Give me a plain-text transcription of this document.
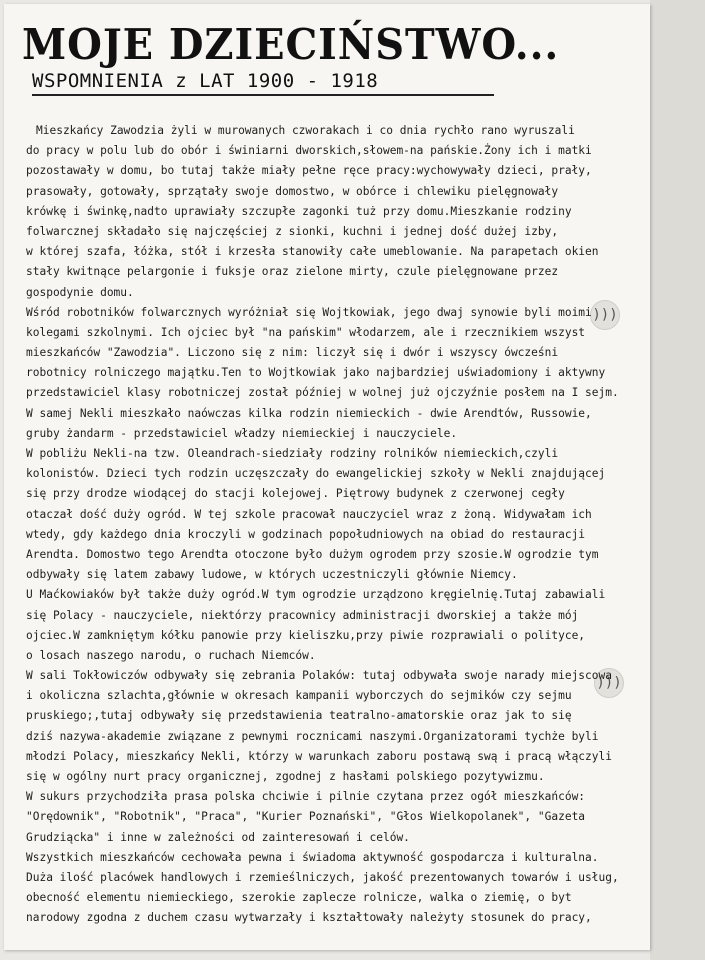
MOJE DZIECIŃSTWO...
WSPOMNIENIA z LAT 1900 - 1918
)))
)))
Mieszkańcy Zawodzia żyli w murowanych czworakach i co dnia rychło rano wyruszali
do pracy w polu lub do obór i świniarni dworskich,słowem-na pańskie.Żony ich i matki
pozostawały w domu, bo tutaj także miały pełne ręce pracy:wychowywały dzieci, prały,
prasowały, gotowały, sprzątały swoje domostwo, w obórce i chlewiku pielęgnowały
krówkę i świnkę,nadto uprawiały szczupłe zagonki tuż przy domu.Mieszkanie rodziny
folwarcznej składało się najczęściej z sionki, kuchni i jednej dość dużej izby,
w której szafa, łóżka, stół i krzesła stanowiły całe umeblowanie. Na parapetach okien
stały kwitnące pelargonie i fuksje oraz zielone mirty, czule pielęgnowane przez
gospodynie domu.
Wśród robotników folwarcznych wyróżniał się Wojtkowiak, jego dwaj synowie byli moimi
kolegami szkolnymi. Ich ojciec był "na pańskim" włodarzem, ale i rzecznikiem wszyst
mieszkańców "Zawodzia". Liczono się z nim: liczył się i dwór i wszyscy ówcześni
robotnicy rolniczego majątku.Ten to Wojtkowiak jako najbardziej uświadomiony i aktywny
przedstawiciel klasy robotniczej został później w wolnej już ojczyźnie posłem na I sejm.
W samej Nekli mieszkało naówczas kilka rodzin niemieckich - dwie Arendtów, Russowie,
gruby żandarm - przedstawiciel władzy niemieckiej i nauczyciele.
W pobliżu Nekli-na tzw. Oleandrach-siedziały rodziny rolników niemieckich,czyli
kolonistów. Dzieci tych rodzin uczęszczały do ewangelickiej szkoły w Nekli znajdującej
się przy drodze wiodącej do stacji kolejowej. Piętrowy budynek z czerwonej cegły
otaczał dość duży ogród. W tej szkole pracował nauczyciel wraz z żoną. Widywałam ich
wtedy, gdy każdego dnia kroczyli w godzinach popołudniowych na obiad do restauracji
Arendta. Domostwo tego Arendta otoczone było dużym ogrodem przy szosie.W ogrodzie tym
odbywały się latem zabawy ludowe, w których uczestniczyli głównie Niemcy.
U Maćkowiaków był także duży ogród.W tym ogrodzie urządzono kręgielnię.Tutaj zabawiali
się Polacy - nauczyciele, niektórzy pracownicy administracji dworskiej a także mój
ojciec.W zamkniętym kółku panowie przy kieliszku,przy piwie rozprawiali o polityce,
o losach naszego narodu, o ruchach Niemców.
W sali Tokłowiczów odbywały się zebrania Polaków: tutaj odbywała swoje narady miejscowa
i okoliczna szlachta,głównie w okresach kampanii wyborczych do sejmików czy sejmu
pruskiego;,tutaj odbywały się przedstawienia teatralno-amatorskie oraz jak to się
dziś nazywa-akademie związane z pewnymi rocznicami naszymi.Organizatorami tychże byli
młodzi Polacy, mieszkańcy Nekli, którzy w warunkach zaboru postawą swą i pracą włączyli
się w ogólny nurt pracy organicznej, zgodnej z hasłami polskiego pozytywizmu.
W sukurs przychodziła prasa polska chciwie i pilnie czytana przez ogół mieszkańców:
"Orędownik", "Robotnik", "Praca", "Kurier Poznański", "Głos Wielkopolanek", "Gazeta
Grudziącka" i inne w zależności od zainteresowań i celów.
Wszystkich mieszkańców cechowała pewna i świadoma aktywność gospodarcza i kulturalna.
Duża ilość placówek handlowych i rzemieślniczych, jakość prezentowanych towarów i usług,
obecność elementu niemieckiego, szerokie zaplecze rolnicze, walka o ziemię, o byt
narodowy zgodna z duchem czasu wytwarzały i kształtowały należyty stosunek do pracy,
